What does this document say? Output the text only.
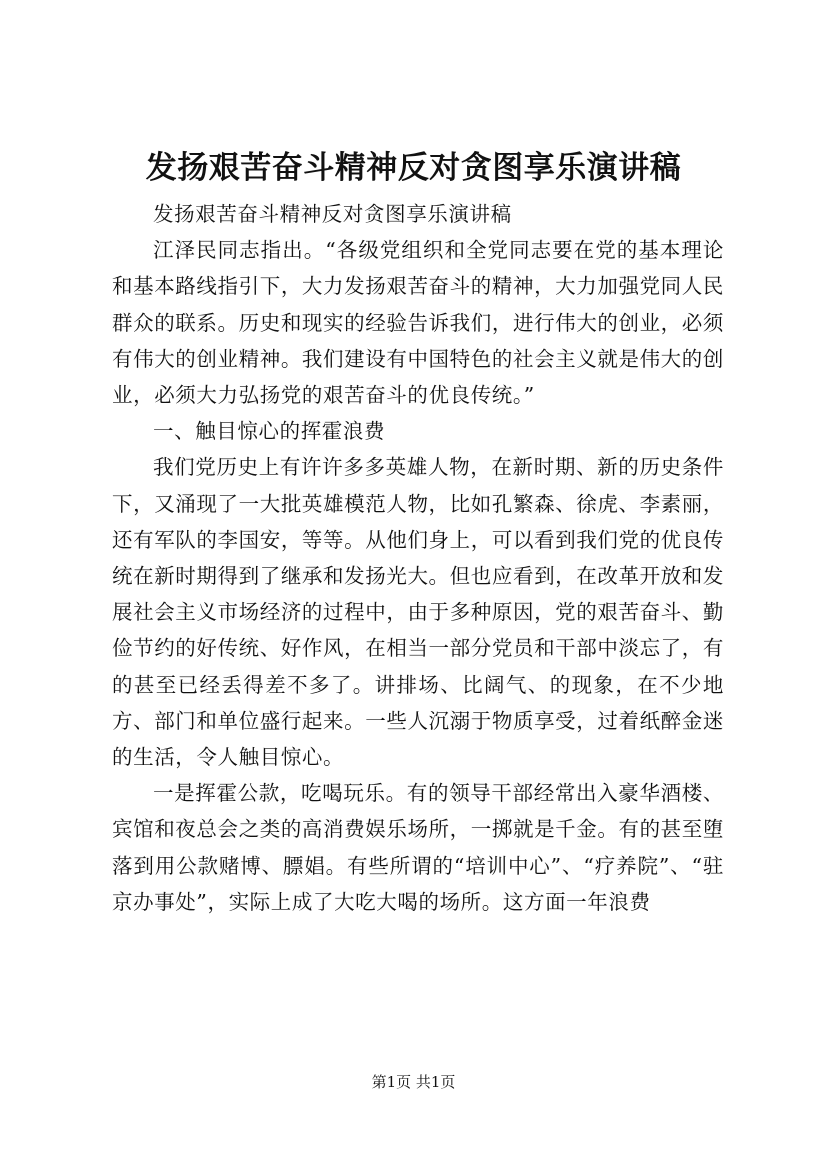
发扬艰苦奋斗精神反对贪图享乐演讲稿

发扬艰苦奋斗精神反对贪图享乐演讲稿

江泽民同志指出。“各级党组织和全党同志要在党的基本理论和基本路线指引下，大力发扬艰苦奋斗的精神，大力加强党同人民群众的联系。历史和现实的经验告诉我们，进行伟大的创业，必须有伟大的创业精神。我们建设有中国特色的社会主义就是伟大的创业，必须大力弘扬党的艰苦奋斗的优良传统。”

一、触目惊心的挥霍浪费

我们党历史上有许许多多英雄人物，在新时期、新的历史条件下，又涌现了一大批英雄模范人物，比如孔繁森、徐虎、李素丽，还有军队的李国安，等等。从他们身上，可以看到我们党的优良传统在新时期得到了继承和发扬光大。但也应看到，在改革开放和发展社会主义市场经济的过程中，由于多种原因，党的艰苦奋斗、勤俭节约的好传统、好作风，在相当一部分党员和干部中淡忘了，有的甚至已经丢得差不多了。讲排场、比阔气、的现象，在不少地方、部门和单位盛行起来。一些人沉溺于物质享受，过着纸醉金迷的生活，令人触目惊心。

一是挥霍公款，吃喝玩乐。有的领导干部经常出入豪华酒楼、宾馆和夜总会之类的高消费娱乐场所，一掷就是千金。有的甚至堕落到用公款赌博、膘娼。有些所谓的“培训中心”、“疗养院”、“驻京办事处”，实际上成了大吃大喝的场所。这方面一年浪费

第1页 共1页
